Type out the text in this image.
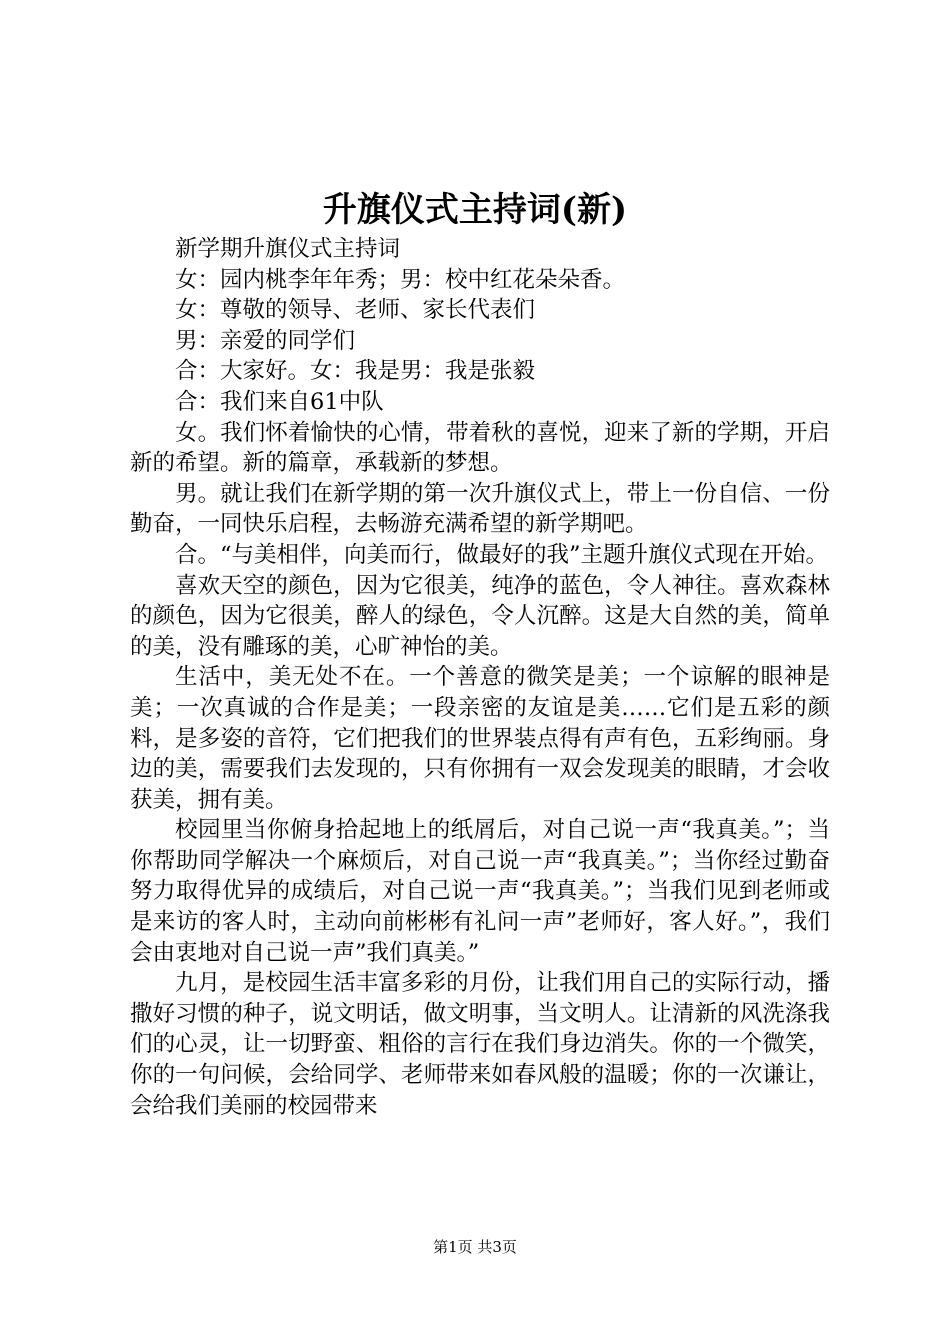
升旗仪式主持词(新)

新学期升旗仪式主持词

女：园内桃李年年秀；男：校中红花朵朵香。

女：尊敬的领导、老师、家长代表们

男：亲爱的同学们

合：大家好。女：我是男：我是张毅

合：我们来自61中队

女。我们怀着愉快的心情，带着秋的喜悦，迎来了新的学期，开启新的希望。新的篇章，承载新的梦想。

男。就让我们在新学期的第一次升旗仪式上，带上一份自信、一份勤奋，一同快乐启程，去畅游充满希望的新学期吧。

合。“与美相伴，向美而行，做最好的我”主题升旗仪式现在开始。

喜欢天空的颜色，因为它很美，纯净的蓝色，令人神往。喜欢森林的颜色，因为它很美，醉人的绿色，令人沉醉。这是大自然的美，简单的美，没有雕琢的美，心旷神怡的美。

生活中，美无处不在。一个善意的微笑是美；一个谅解的眼神是美；一次真诚的合作是美；一段亲密的友谊是美……它们是五彩的颜料，是多姿的音符，它们把我们的世界装点得有声有色，五彩绚丽。身边的美，需要我们去发现的，只有你拥有一双会发现美的眼睛，才会收获美，拥有美。

校园里当你俯身拾起地上的纸屑后，对自己说一声“我真美。”；当你帮助同学解决一个麻烦后，对自己说一声“我真美。”；当你经过勤奋努力取得优异的成绩后，对自己说一声“我真美。”；当我们见到老师或是来访的客人时，主动向前彬彬有礼问一声”老师好，客人好。”，我们会由衷地对自己说一声”我们真美。”

九月，是校园生活丰富多彩的月份，让我们用自己的实际行动，播撒好习惯的种子，说文明话，做文明事，当文明人。让清新的风洗涤我们的心灵，让一切野蛮、粗俗的言行在我们身边消失。你的一个微笑，你的一句问候，会给同学、老师带来如春风般的温暖；你的一次谦让，会给我们美丽的校园带来

第1页 共3页
